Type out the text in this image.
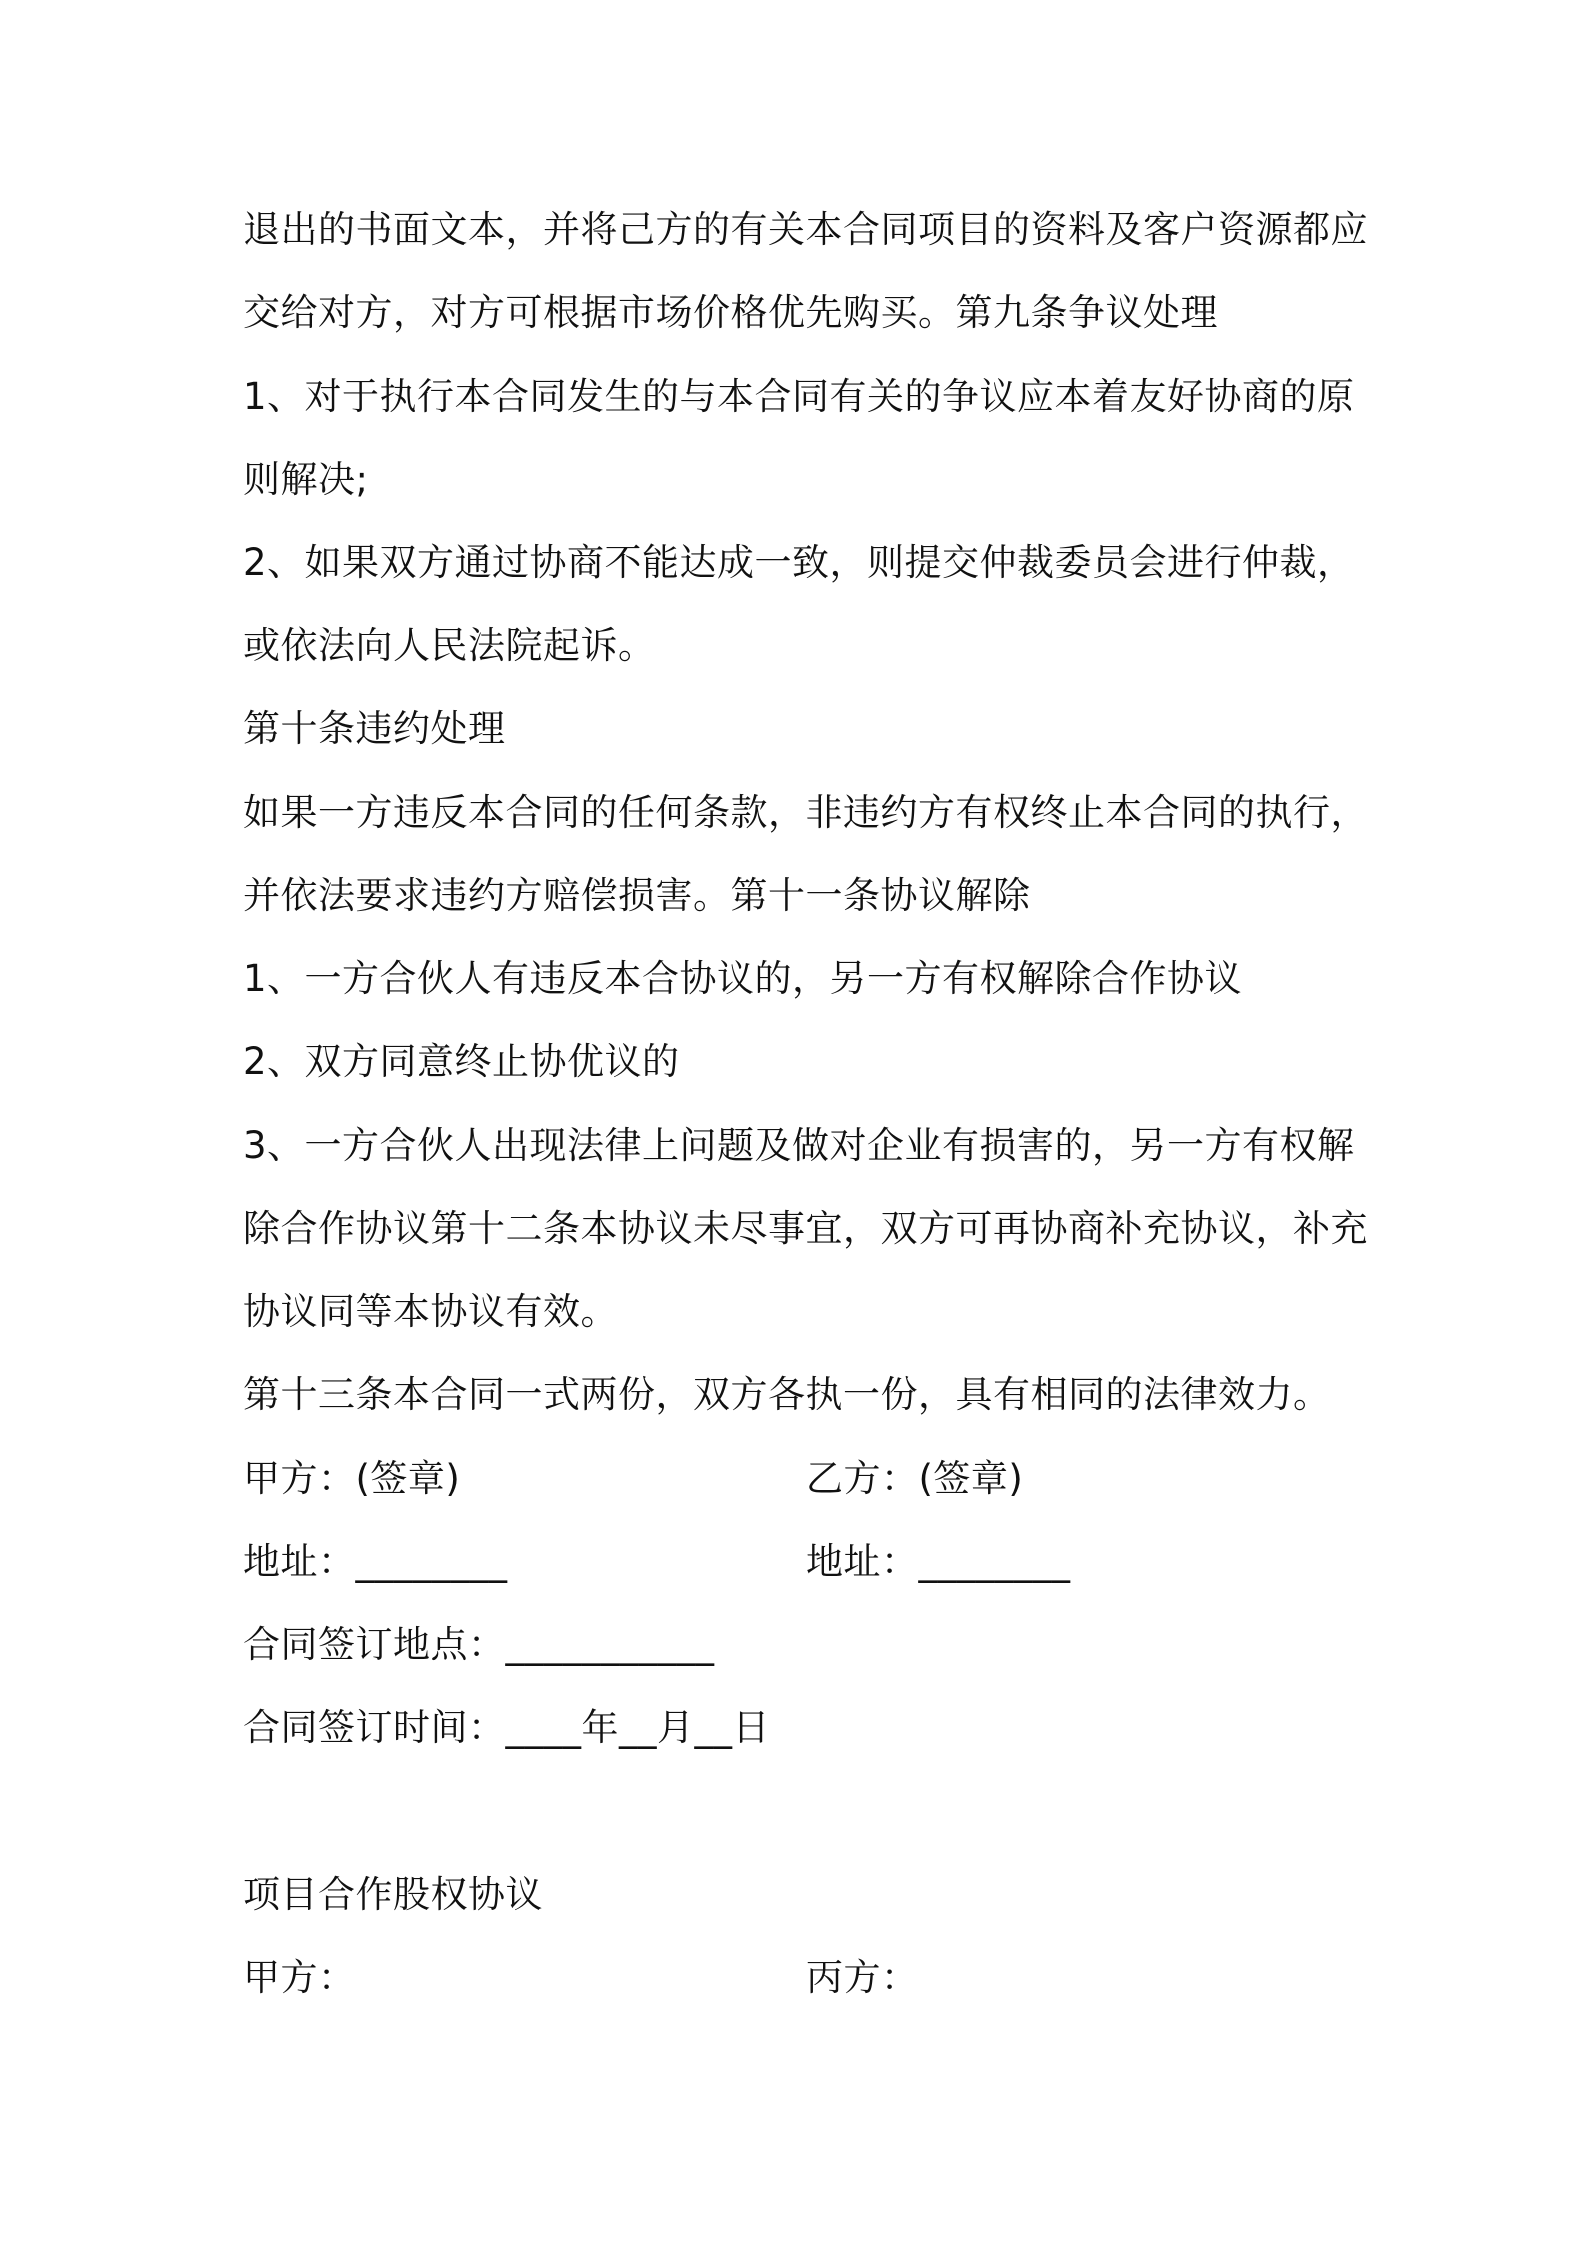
退出的书面文本，并将己方的有关本合同项目的资料及客户资源都应
交给对方，对方可根据市场价格优先购买。第九条争议处理
1、对于执行本合同发生的与本合同有关的争议应本着友好协商的原
则解决;
2、如果双方通过协商不能达成一致，则提交仲裁委员会进行仲裁，
或依法向人民法院起诉。
第十条违约处理
如果一方违反本合同的任何条款，非违约方有权终止本合同的执行，
并依法要求违约方赔偿损害。第十一条协议解除
1、一方合伙人有违反本合协议的，另一方有权解除合作协议
2、双方同意终止协优议的
3、一方合伙人出现法律上问题及做对企业有损害的，另一方有权解
除合作协议第十二条本协议未尽事宜，双方可再协商补充协议，补充
协议同等本协议有效。
第十三条本合同一式两份，双方各执一份，具有相同的法律效力。
甲方：(签章)	乙方：(签章)
地址：________	地址：________
合同签订地点：___________
合同签订时间：____年__月__日
项目合作股权协议
甲方：	丙方：
